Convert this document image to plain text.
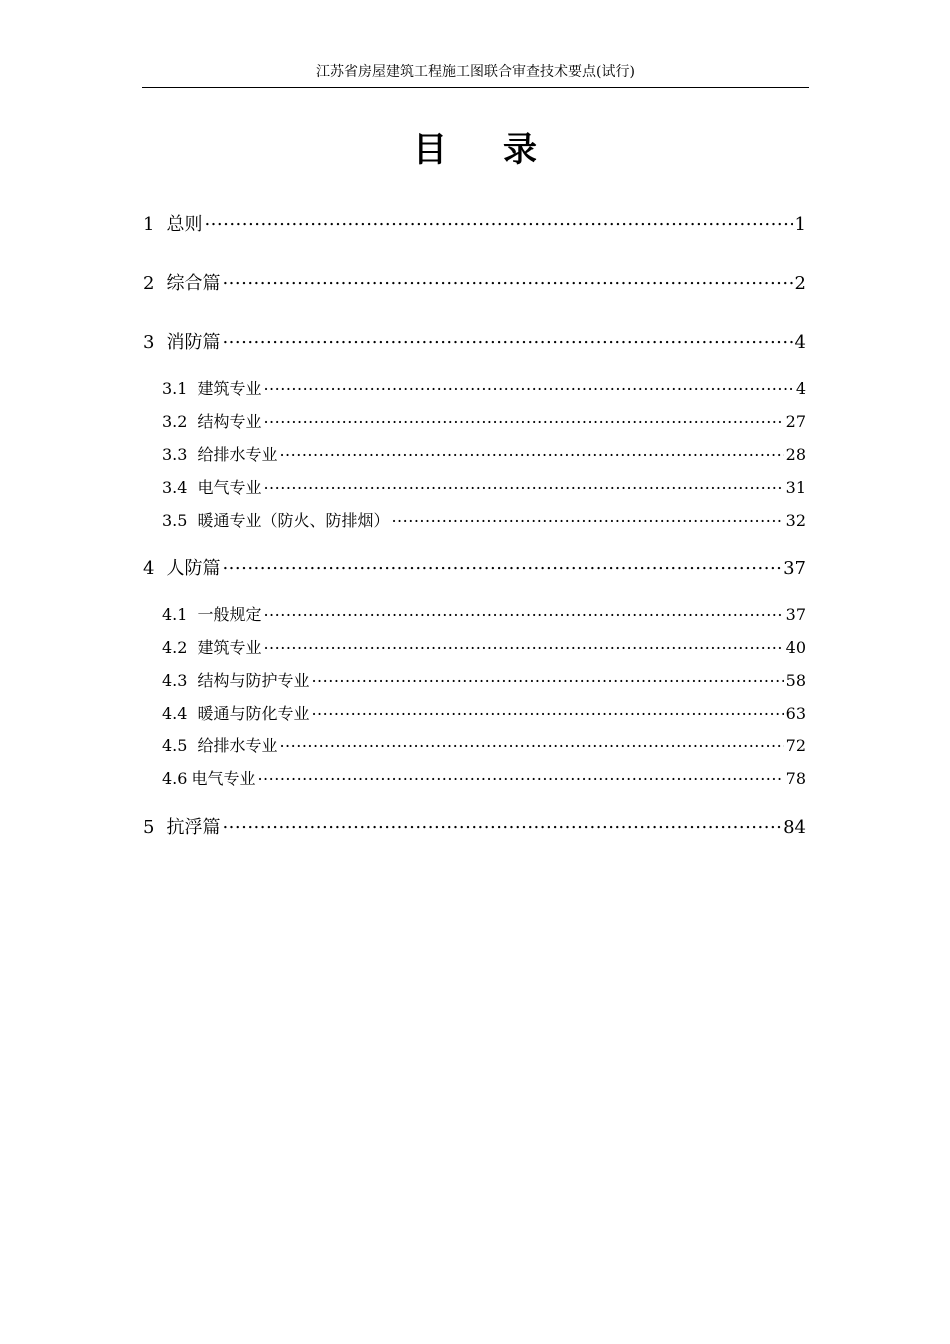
江苏省房屋建筑工程施工图联合审查技术要点(试行)
目 录
1 总则 .....	1
2 综合篇 .....	2
3 消防篇 .....	4
3.1 建筑专业 .....	4
3.2 结构专业 .....	27
3.3 给排水专业 .....	28
3.4 电气专业 .....	31
3.5 暖通专业（防火、防排烟） .....	32
4 人防篇 .....	37
4.1 一般规定 .....	37
4.2 建筑专业 .....	40
4.3 结构与防护专业 .....	58
4.4 暖通与防化专业 .....	63
4.5 给排水专业 .....	72
4.6 电气专业 .....	78
5 抗浮篇 .....	84
